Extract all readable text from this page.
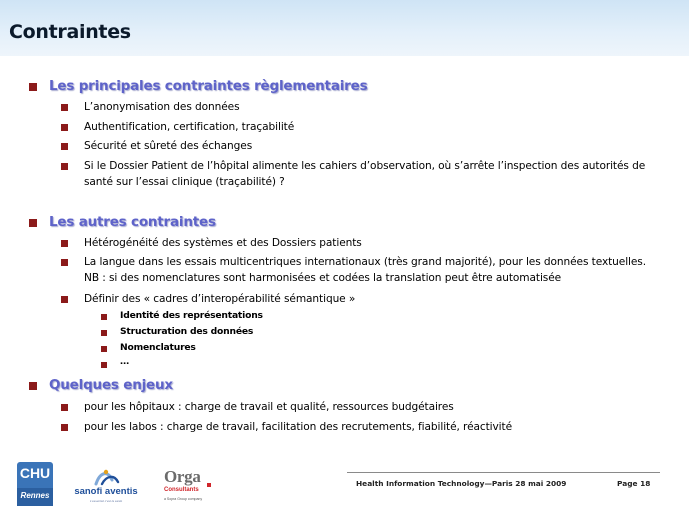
Contraintes
Les principales contraintes règlementaires
L’anonymisation des données
Authentification, certification, traçabilité
Sécurité et sûreté des échanges
Si le Dossier Patient de l’hôpital alimente les cahiers d’observation, où s’arrête l’inspection des autorités de santé sur l’essai clinique (traçabilité) ?
Les autres contraintes
Hétérogénéité des systèmes et des Dossiers patients
La langue dans les essais multicentriques internationaux (très grand majorité), pour les données textuelles. NB : si des nomenclatures sont harmonisées et codées la translation peut être automatisée
Définir des « cadres d’interopérabilité sémantique »
Identité des représentations
Structuration des données
Nomenclatures
…
Quelques enjeux
pour les hôpitaux : charge de travail et qualité, ressources budgétaires
pour les labos : charge de travail, facilitation des recrutements, fiabilité, réactivité
CHU
Rennes	sanofi aventis
L'essentiel c'est la santé
Orga
Consultants
a Sopra Group company
Health Information Technology—Paris 28 mai 2009	Page 18
